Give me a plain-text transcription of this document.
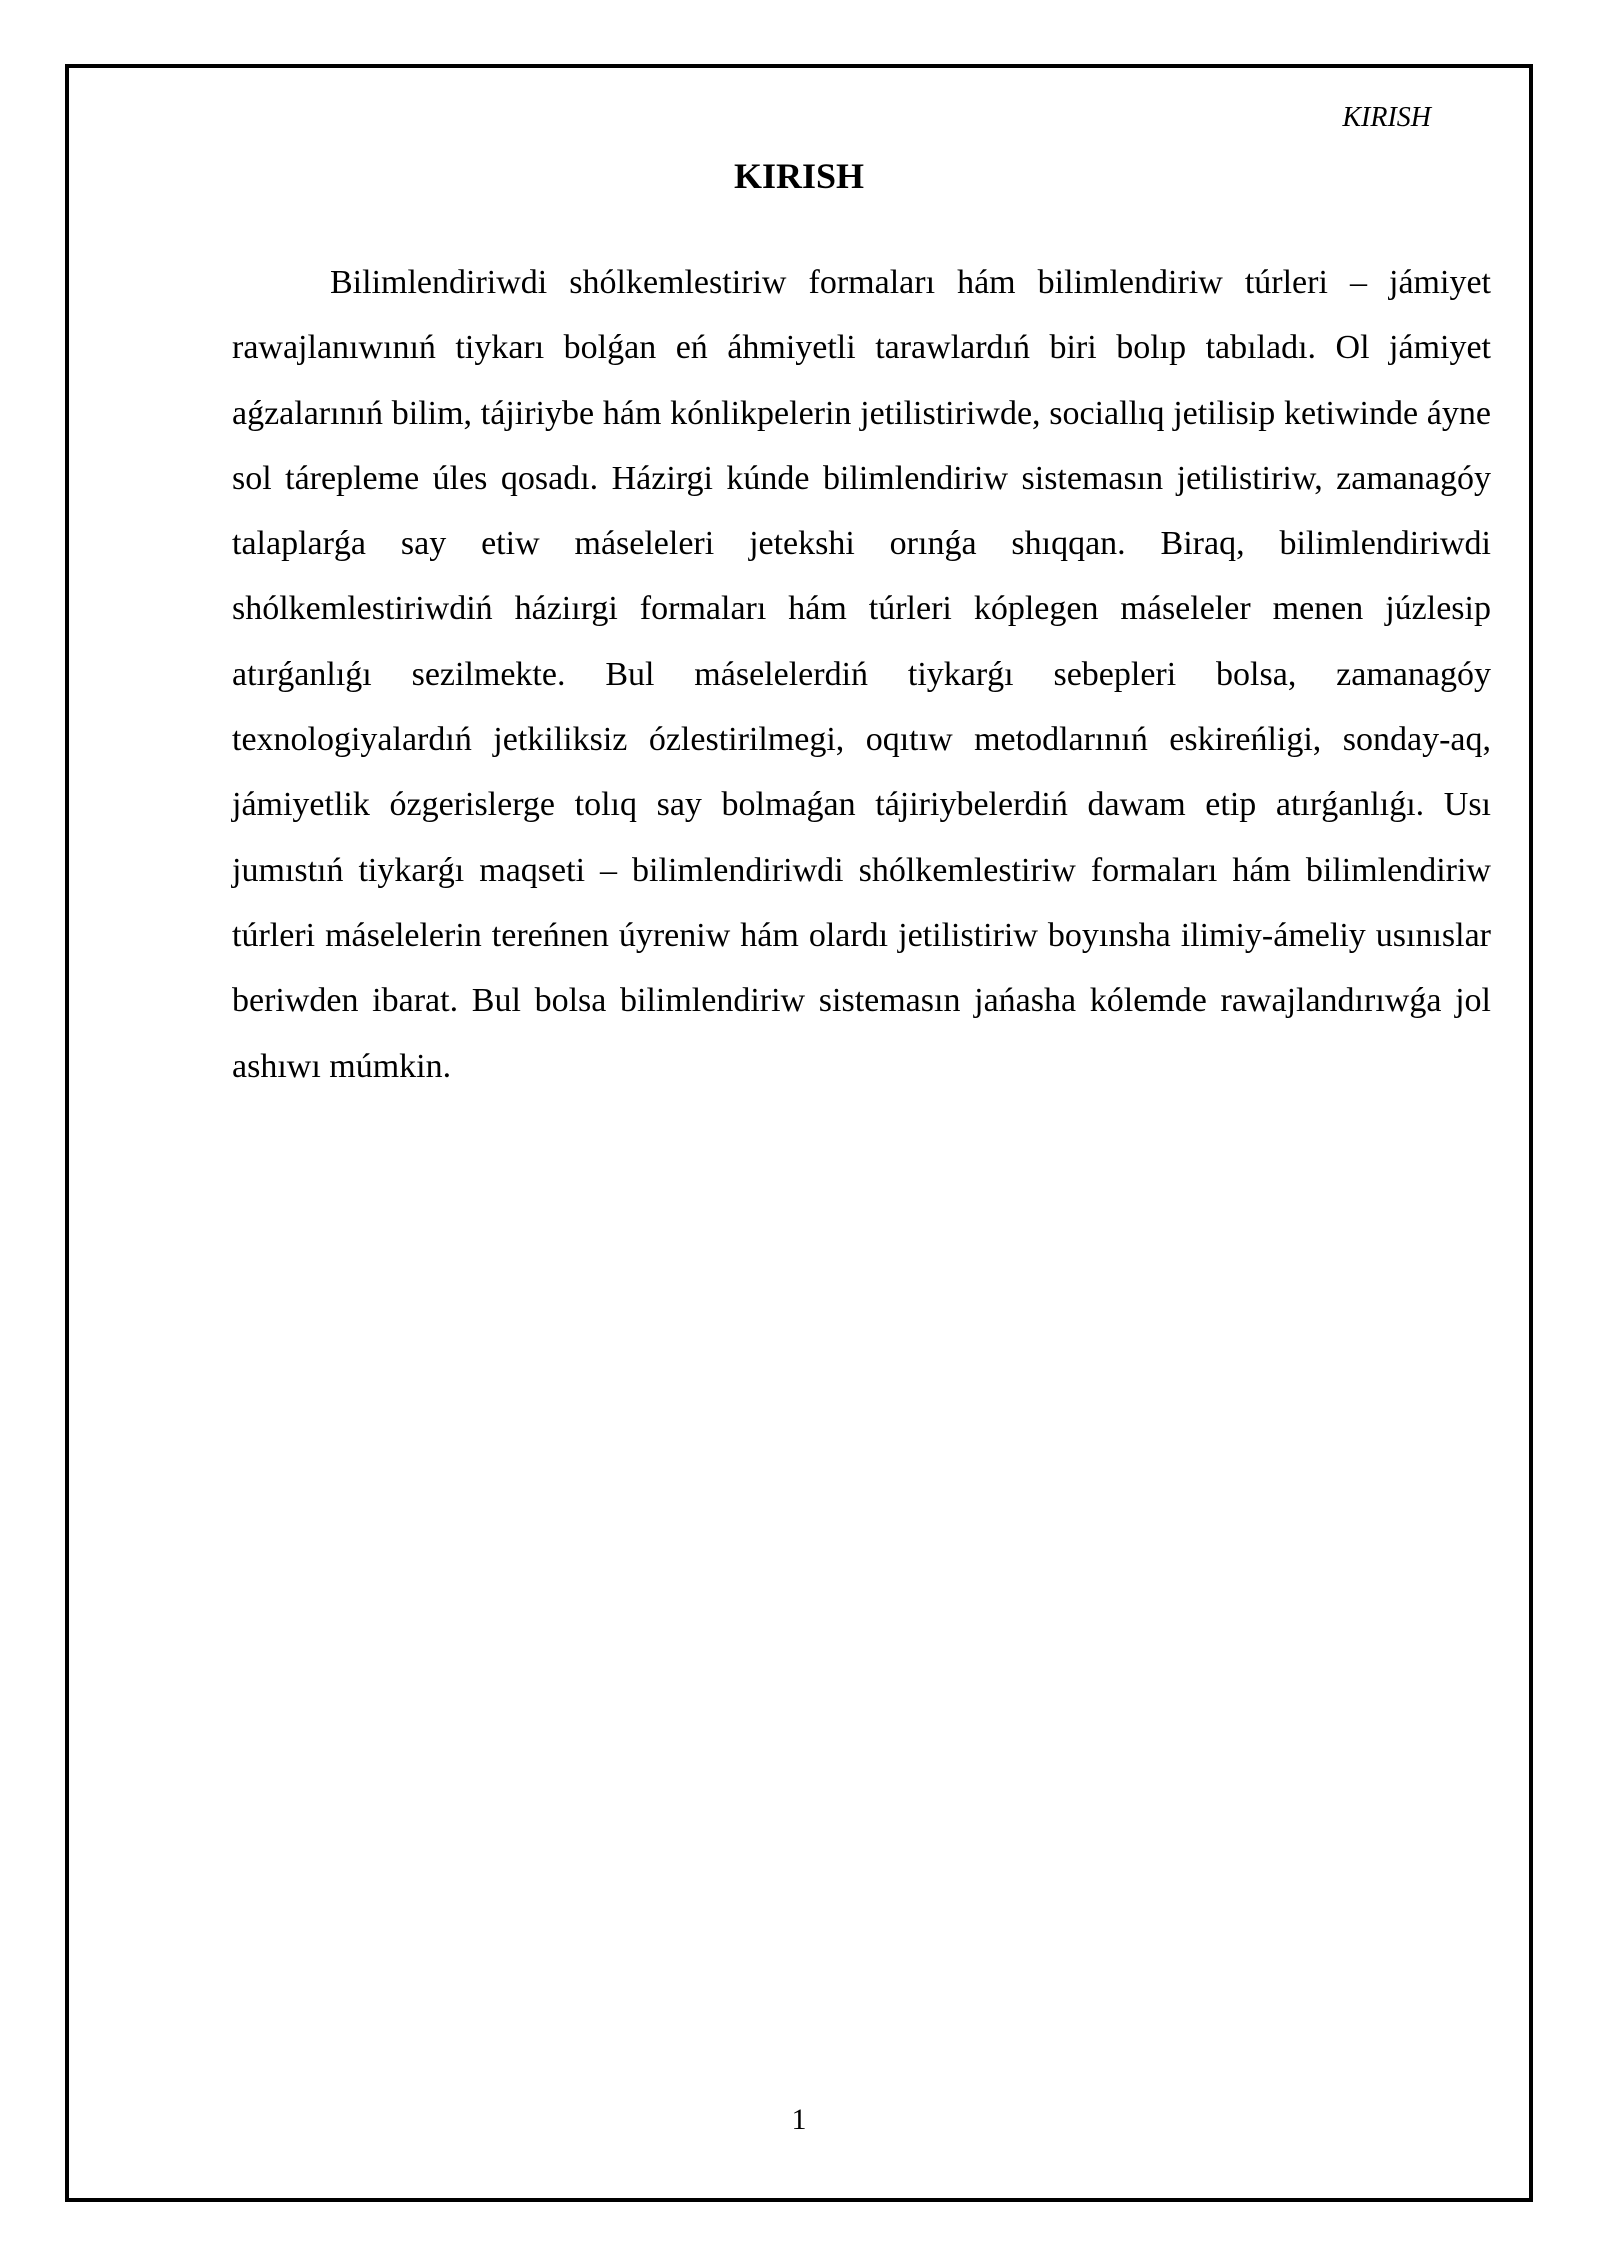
KIRISH
KIRISH

Bilimlendiriwdi shólkemlestiriw formaları hám bilimlendiriw túrleri – jámiyet rawajlanıwınıń tiykarı bolǵan eń áhmiyetli tarawlardıń biri bolıp tabıladı. Ol jámiyet aǵzalarınıń bilim, tájiriybe hám kónlikpelerin jetilistiriwde, sociallıq jetilisip ketiwinde áyne sol tárepleme úles qosadı. Házirgi kúnde bilimlendiriw sistemasın jetilistiriw, zamanagóy talaplarǵa say etiw máseleleri jetekshi orınǵa shıqqan. Biraq, bilimlendiriwdi shólkemlestiriwdiń háziırgi formaları hám túrleri kóplegen máseleler menen júzlesip atırǵanlıǵı sezilmekte. Bul máselelerdiń tiykarǵı sebepleri bolsa, zamanagóy texnologiyalardıń jetkiliksiz ózlestirilmegi, oqıtıw metodlarınıń eskireńligi, sonday-aq, jámiyetlik ózgerislerge tolıq say bolmaǵan tájiriybelerdiń dawam etip atırǵanlıǵı. Usı jumıstıń tiykarǵı maqseti – bilimlendiriwdi shólkemlestiriw formaları hám bilimlendiriw túrleri máselelerin tereńnen úyreniw hám olardı jetilistiriw boyınsha ilimiy-ámeliy usınıslar beriwden ibarat. Bul bolsa bilimlendiriw sistemasın jańasha kólemde rawajlandırıwǵa jol ashıwı múmkin.

1
